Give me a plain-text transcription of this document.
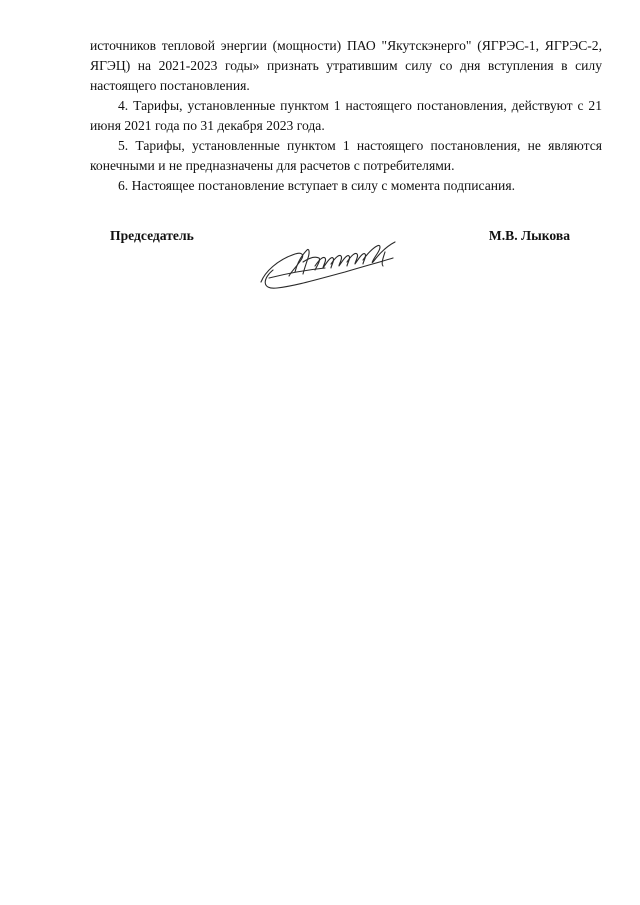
источников тепловой энергии (мощности) ПАО "Якутскэнерго" (ЯГРЭС-1, ЯГРЭС-2, ЯГЭЦ) на 2021-2023 годы» признать утратившим силу со дня вступления в силу настоящего постановления.

4. Тарифы, установленные пунктом 1 настоящего постановления, действуют с 21 июня 2021 года по 31 декабря 2023 года.

5. Тарифы, установленные пунктом 1 настоящего постановления, не являются конечными и не предназначены для расчетов с потребителями.

6. Настоящее постановление вступает в силу с момента подписания.

Председатель	М.В. Лыкова
